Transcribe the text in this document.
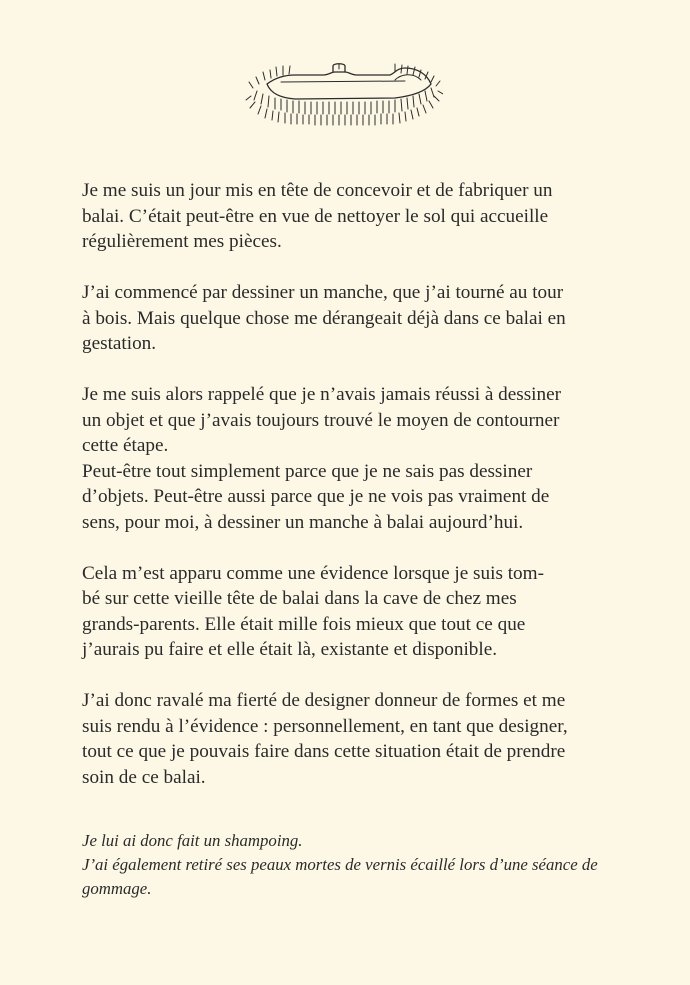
Je me suis un jour mis en tête de concevoir et de fabriquer un
balai. C’était peut-être en vue de nettoyer le sol qui accueille
régulièrement mes pièces.

J’ai commencé par dessiner un manche, que j’ai tourné au tour
à bois. Mais quelque chose me dérangeait déjà dans ce balai en
gestation.

Je me suis alors rappelé que je n’avais jamais réussi à dessiner
un objet et que j’avais toujours trouvé le moyen de contourner
cette étape.

Peut-être tout simplement parce que je ne sais pas dessiner
d’objets. Peut-être aussi parce que je ne vois pas vraiment de
sens, pour moi, à dessiner un manche à balai aujourd’hui.

Cela m’est apparu comme une évidence lorsque je suis tom-
bé sur cette vieille tête de balai dans la cave de chez mes
grands-parents. Elle était mille fois mieux que tout ce que
j’aurais pu faire et elle était là, existante et disponible.

J’ai donc ravalé ma fierté de designer donneur de formes et me
suis rendu à l’évidence : personnellement, en tant que designer,
tout ce que je pouvais faire dans cette situation était de prendre
soin de ce balai.

Je lui ai donc fait un shampoing.

J’ai également retiré ses peaux mortes de vernis écaillé lors d’une séance de
gommage.
